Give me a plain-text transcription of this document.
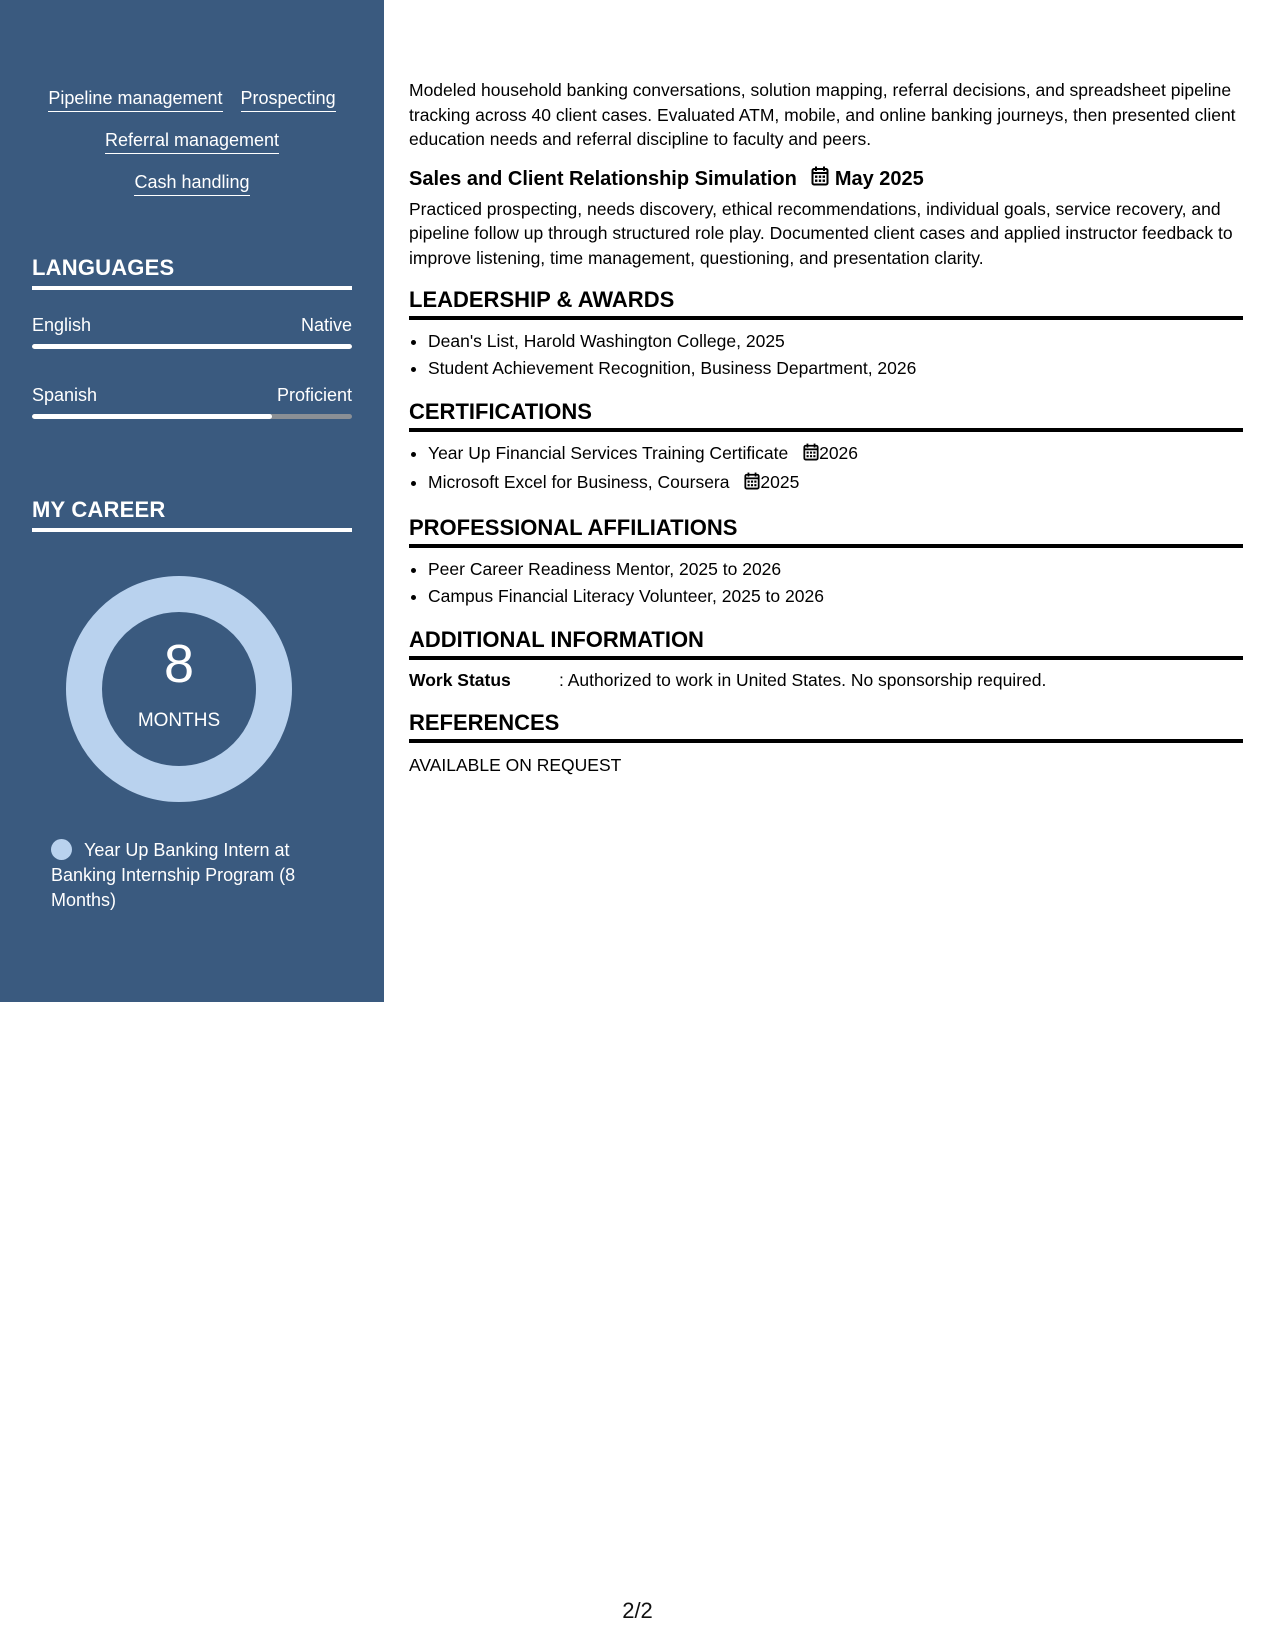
Pipeline management Prospecting
Referral management
Cash handling
LANGUAGES
English	Native
Spanish	Proficient
MY CAREER
8
MONTHS
Year Up Banking Intern at Banking Internship Program (8 Months)

Modeled household banking conversations, solution mapping, referral decisions, and spreadsheet pipeline tracking across 40 client cases. Evaluated ATM, mobile, and online banking journeys, then presented client education needs and referral discipline to faculty and peers.

Sales and Client Relationship Simulation May 2025

Practiced prospecting, needs discovery, ethical recommendations, individual goals, service recovery, and pipeline follow up through structured role play. Documented client cases and applied instructor feedback to improve listening, time management, questioning, and presentation clarity.

LEADERSHIP & AWARDS
• Dean's List, Harold Washington College, 2025
• Student Achievement Recognition, Business Department, 2026
CERTIFICATIONS
• Year Up Financial Services Training Certificate 2026
• Microsoft Excel for Business, Coursera 2025
PROFESSIONAL AFFILIATIONS
• Peer Career Readiness Mentor, 2025 to 2026
• Campus Financial Literacy Volunteer, 2025 to 2026
ADDITIONAL INFORMATION
Work Status	: Authorized to work in United States. No sponsorship required.
REFERENCES
AVAILABLE ON REQUEST
2/2
